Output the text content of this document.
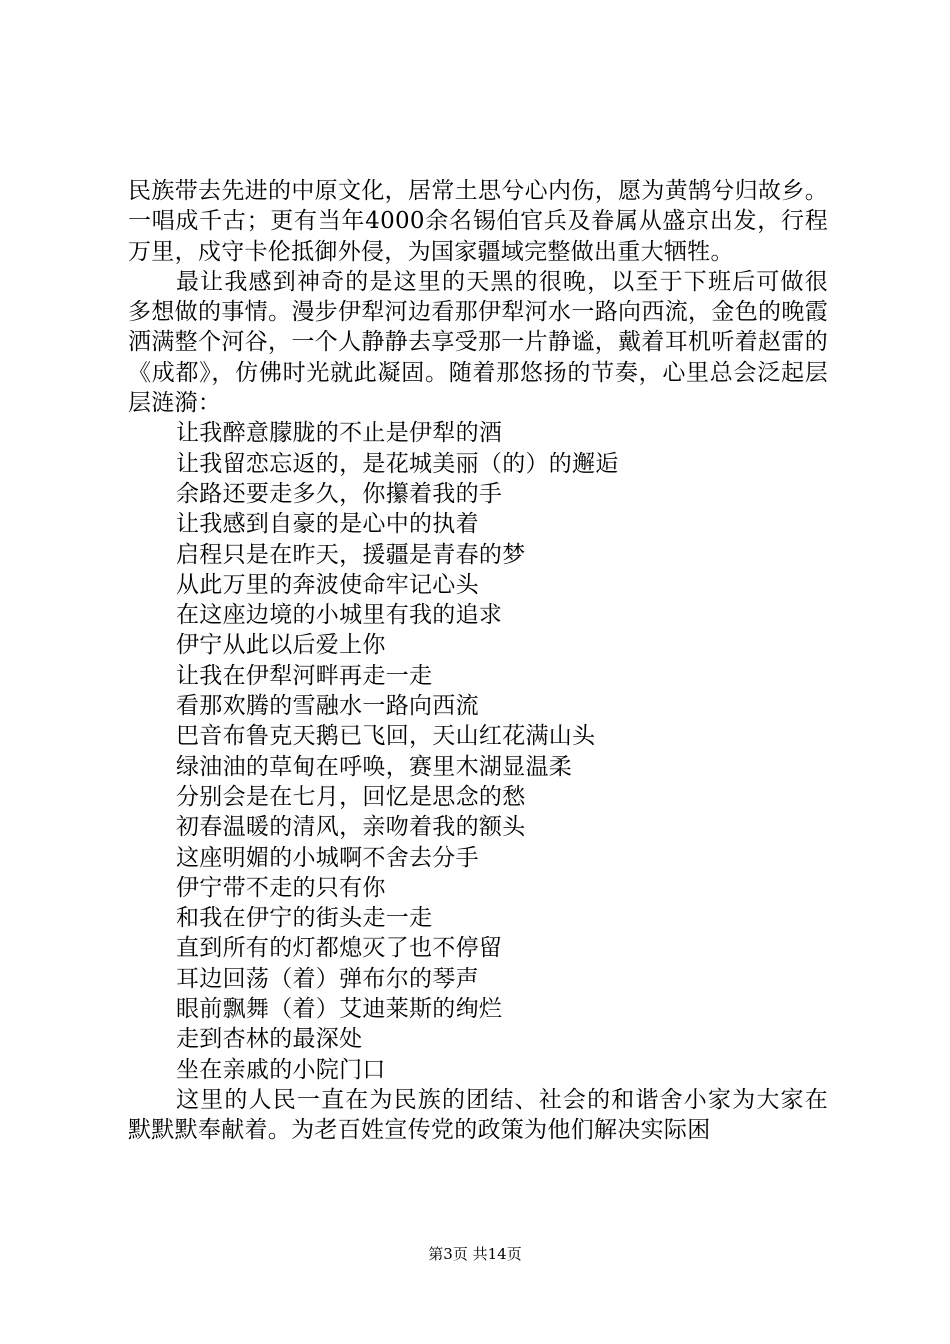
民族带去先进的中原文化，居常土思兮心内伤，愿为黄鹄兮归故乡。一唱成千古；更有当年4000余名锡伯官兵及眷属从盛京出发，行程万里，戍守卡伦抵御外侵，为国家疆域完整做出重大牺牲。

最让我感到神奇的是这里的天黑的很晚，以至于下班后可做很多想做的事情。漫步伊犁河边看那伊犁河水一路向西流，金色的晚霞洒满整个河谷，一个人静静去享受那一片静谧，戴着耳机听着赵雷的《成都》，仿佛时光就此凝固。随着那悠扬的节奏，心里总会泛起层层涟漪：

让我醉意朦胧的不止是伊犁的酒

让我留恋忘返的，是花城美丽（的）的邂逅

余路还要走多久，你攥着我的手

让我感到自豪的是心中的执着

启程只是在昨天，援疆是青春的梦

从此万里的奔波使命牢记心头

在这座边境的小城里有我的追求

伊宁从此以后爱上你

让我在伊犁河畔再走一走

看那欢腾的雪融水一路向西流

巴音布鲁克天鹅已飞回，天山红花满山头

绿油油的草甸在呼唤，赛里木湖显温柔

分别会是在七月，回忆是思念的愁

初春温暖的清风，亲吻着我的额头

这座明媚的小城啊不舍去分手

伊宁带不走的只有你

和我在伊宁的街头走一走

直到所有的灯都熄灭了也不停留

耳边回荡（着）弹布尔的琴声

眼前飘舞（着）艾迪莱斯的绚烂

走到杏林的最深处

坐在亲戚的小院门口

这里的人民一直在为民族的团结、社会的和谐舍小家为大家在默默默奉献着。为老百姓宣传党的政策为他们解决实际困

第3页 共14页
